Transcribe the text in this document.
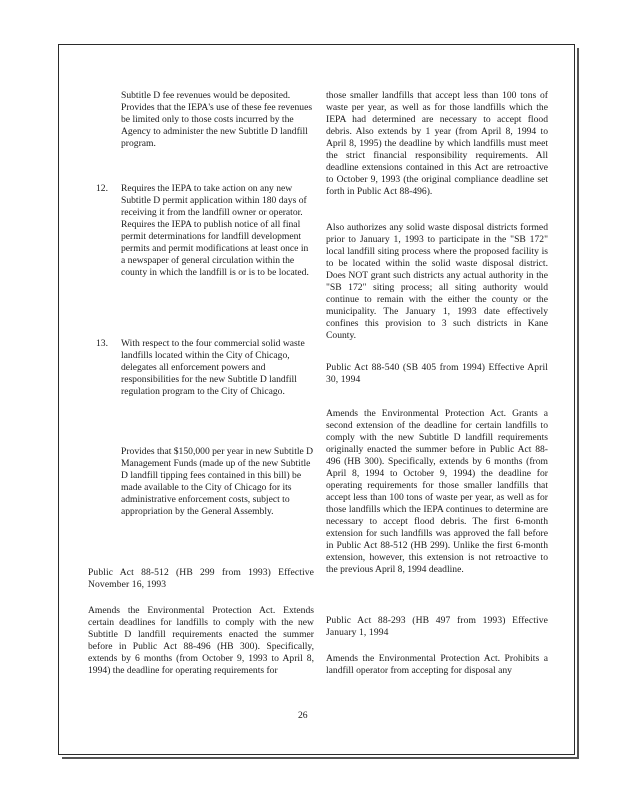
Subtitle D fee revenues would be deposited. Provides that the IEPA's use of these fee revenues be limited only to those costs incurred by the Agency to administer the new Subtitle D landfill program.
12.	Requires the IEPA to take action on any new Subtitle D permit application within 180 days of receiving it from the landfill owner or operator. Requires the IEPA to publish notice of all final permit determinations for landfill development permits and permit modifications at least once in a newspaper of general circulation within the county in which the landfill is or is to be located.
13.	With respect to the four commercial solid waste landfills located within the City of Chicago, delegates all enforcement powers and responsibilities for the new Subtitle D landfill regulation program to the City of Chicago.
Provides that $150,000 per year in new Subtitle D Management Funds (made up of the new Subtitle D landfill tipping fees contained in this bill) be made available to the City of Chicago for its administrative enforcement costs, subject to appropriation by the General Assembly.
Public Act 88-512 (HB 299 from 1993) Effective November 16, 1993
Amends the Environmental Protection Act. Extends certain deadlines for landfills to comply with the new Subtitle D landfill requirements enacted the summer before in Public Act 88-496 (HB 300). Specifically, extends by 6 months (from October 9, 1993 to April 8, 1994) the deadline for operating requirements for
those smaller landfills that accept less than 100 tons of waste per year, as well as for those landfills which the IEPA had determined are necessary to accept flood debris. Also extends by 1 year (from April 8, 1994 to April 8, 1995) the deadline by which landfills must meet the strict financial responsibility requirements. All deadline extensions contained in this Act are retroactive to October 9, 1993 (the original compliance deadline set forth in Public Act 88-496).
Also authorizes any solid waste disposal districts formed prior to January 1, 1993 to participate in the "SB 172" local landfill siting process where the proposed facility is to be located within the solid waste disposal district. Does NOT grant such districts any actual authority in the "SB 172" siting process; all siting authority would continue to remain with the either the county or the municipality. The January 1, 1993 date effectively confines this provision to 3 such districts in Kane County.
Public Act 88-540 (SB 405 from 1994) Effective April 30, 1994
Amends the Environmental Protection Act. Grants a second extension of the deadline for certain landfills to comply with the new Subtitle D landfill requirements originally enacted the summer before in Public Act 88-496 (HB 300). Specifically, extends by 6 months (from April 8, 1994 to October 9, 1994) the deadline for operating requirements for those smaller landfills that accept less than 100 tons of waste per year, as well as for those landfills which the IEPA continues to determine are necessary to accept flood debris. The first 6-month extension for such landfills was approved the fall before in Public Act 88-512 (HB 299). Unlike the first 6-month extension, however, this extension is not retroactive to the previous April 8, 1994 deadline.
Public Act 88-293 (HB 497 from 1993) Effective January 1, 1994
Amends the Environmental Protection Act. Prohibits a landfill operator from accepting for disposal any
26
